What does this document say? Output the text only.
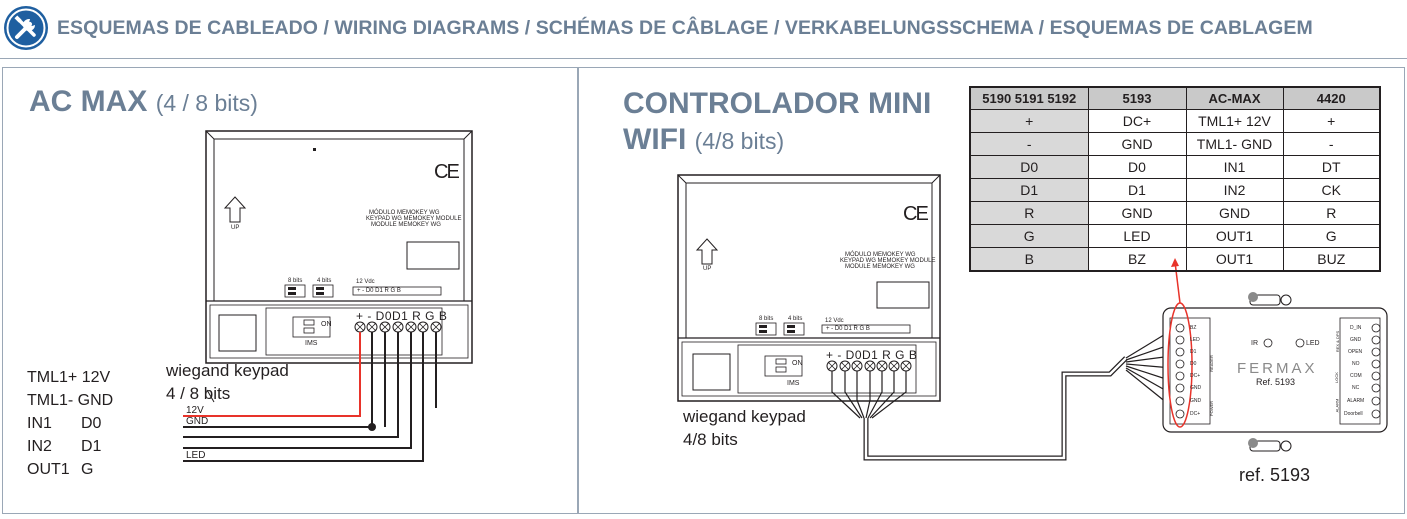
ESQUEMAS DE CABLEADO / WIRING DIAGRAMS / SCHÉMAS DE CÂBLAGE / VERKABELUNGSSCHEMA / ESQUEMAS DE CABLAGEM
AC MAX (4 / 8 bits)
CE
UP
MÓDULO MEMOKEY WG
KEYPAD WG MEMOKEY MODULE
MODULE MEMOKEY WG
8 bits 4 bits	12 Vdc
+ - D0 D1 R G B
ON
IMS
+ - D0D1 R G B
wiegand keypad
4 / 8 bits
12V
GND
LED
TML1+ 12V
TML1- GND
IN1 D0
IN2 D1
OUT1 G
CONTROLADOR MINI
WIFI (4/8 bits)
CE
UP
MÓDULO MEMOKEY WG
KEYPAD WG MEMOKEY MODULE
MODULE MEMOKEY WG
8 bits 4 bits	12 Vdc
+ - D0 D1 R G B
ON
IMS
+ - D0D1 R G B
wiegand keypad
4/8 bits
IR	LED
FERMAX
Ref. 5193
BZ
LED
D1
D0
DC+
GND
GND
DC+
D_IN
GND
OPEN
NO
COM
NC
ALARM
Doorbell
READER
POWER
REX & DPS
LOCK
ALARM
ref. 5193
5190 5191 5192	5193	AC-MAX	4420
+	DC+	TML1+ 12V	+
-	GND	TML1- GND	-
D0	D0	IN1	DT
D1	D1	IN2	CK
R	GND	GND	R
G	LED	OUT1	G
B	BZ	OUT1	BUZ
